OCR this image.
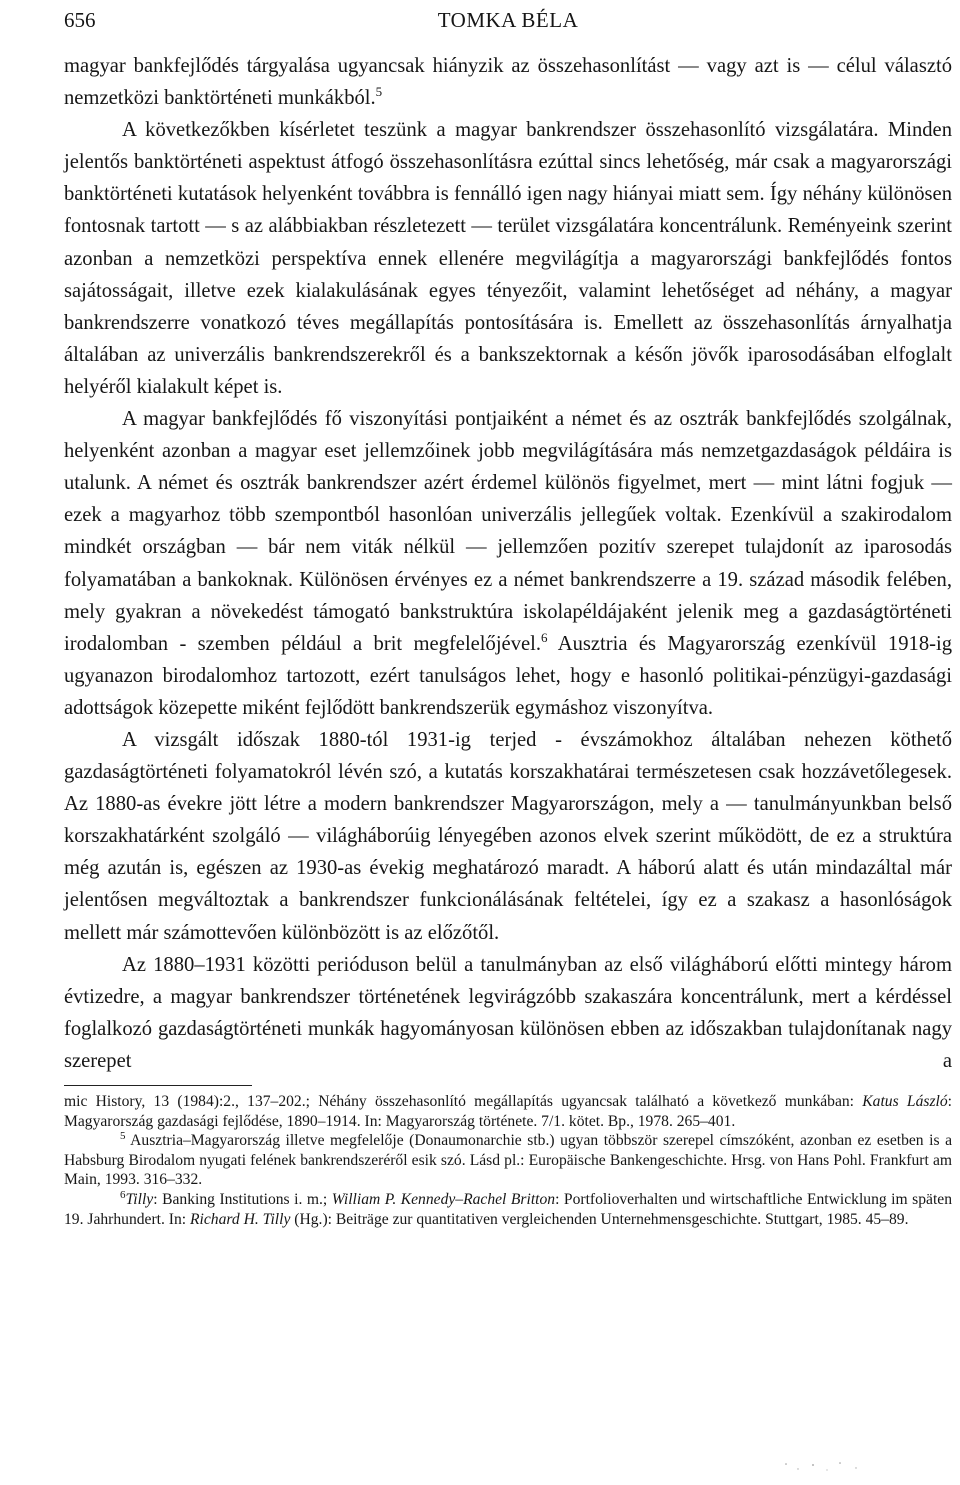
656	TOMKA BÉLA

magyar bankfejlődés tárgyalása ugyancsak hiányzik az összehasonlítást — vagy azt is — célul választó nemzetközi banktörténeti munkákból.$^5$

A következőkben kísérletet teszünk a magyar bankrendszer összehasonlító vizsgálatára. Minden jelentős banktörténeti aspektust átfogó összehasonlításra ezúttal sincs lehetőség, már csak a magyarországi banktörténeti kutatások helyenként továbbra is fennálló igen nagy hiányai miatt sem. Így néhány különösen fontosnak tartott — s az alábbiakban részletezett — terület vizsgálatára koncentrálunk. Reményeink szerint azonban a nemzetközi perspektíva ennek ellenére megvilágítja a magyarországi bankfejlődés fontos sajátosságait, illetve ezek kialakulásának egyes tényezőit, valamint lehetőséget ad néhány, a magyar bankrendszerre vonatkozó téves megállapítás pontosítására is. Emellett az összehasonlítás árnyalhatja általában az univerzális bankrendszerekről és a bankszektornak a későn jövők iparosodásában elfoglalt helyéről kialakult képet is.

A magyar bankfejlődés fő viszonyítási pontjaiként a német és az osztrák bankfejlődés szolgálnak, helyenként azonban a magyar eset jellemzőinek jobb megvilágítására más nemzetgazdaságok példáira is utalunk. A német és osztrák bankrendszer azért érdemel különös figyelmet, mert — mint látni fogjuk — ezek a magyarhoz több szempontból hasonlóan univerzális jellegűek voltak. Ezenkívül a szakirodalom mindkét országban — bár nem viták nélkül — jellemzően pozitív szerepet tulajdonít az iparosodás folyamatában a bankoknak. Különösen érvényes ez a német bankrendszerre a 19. század második felében, mely gyakran a növekedést támogató bankstruktúra iskolapéldájaként jelenik meg a gazdaságtörténeti irodalomban - szemben például a brit megfelelőjével.$^6$ Ausztria és Magyarország ezenkívül 1918-ig ugyanazon birodalomhoz tartozott, ezért tanulságos lehet, hogy e hasonló politikai-pénzügyi-gazdasági adottságok közepette miként fejlődött bankrendszerük egymáshoz viszonyítva.

A vizsgált időszak 1880-tól 1931-ig terjed - évszámokhoz általában nehezen köthető gazdaságtörténeti folyamatokról lévén szó, a kutatás korszakhatárai természetesen csak hozzávetőlegesek. Az 1880-as évekre jött létre a modern bankrendszer Magyarországon, mely a — tanulmányunkban belső korszakhatárként szolgáló — világháborúig lényegében azonos elvek szerint működött, de ez a struktúra még azután is, egészen az 1930-as évekig meghatározó maradt. A háború alatt és után mindazáltal már jelentősen megváltoztak a bankrendszer funkcionálásának feltételei, így ez a szakasz a hasonlóságok mellett már számottevően különbözött is az előzőtől.

Az 1880–1931 közötti perióduson belül a tanulmányban az első világháború előtti mintegy három évtizedre, a magyar bankrendszer történetének legvirágzóbb szakaszára koncentrálunk, mert a kérdéssel foglalkozó gazdaságtörténeti munkák hagyományosan különösen ebben az időszakban tulajdonítanak nagy szerepet a

mic History, 13 (1984):2., 137–202.; Néhány összehasonlító megállapítás ugyancsak található a következő munkában: Katus László: Magyarország gazdasági fejlődése, 1890–1914. In: Magyarország története. 7/1. kötet. Bp., 1978. 265–401.

$^5$ Ausztria–Magyarország illetve megfelelője (Donaumonarchie stb.) ugyan többször szerepel címszóként, azonban ez esetben is a Habsburg Birodalom nyugati felének bankrendszeréről esik szó. Lásd pl.: Europäische Bankengeschichte. Hrsg. von Hans Pohl. Frankfurt am Main, 1993. 316–332.

$^6$Tilly: Banking Institutions i. m.; William P. Kennedy–Rachel Britton: Portfolioverhalten und wirtschaftliche Entwicklung im späten 19. Jahrhundert. In: Richard H. Tilly (Hg.): Beiträge zur quantitativen vergleichenden Unternehmensgeschichte. Stuttgart, 1985. 45–89.
